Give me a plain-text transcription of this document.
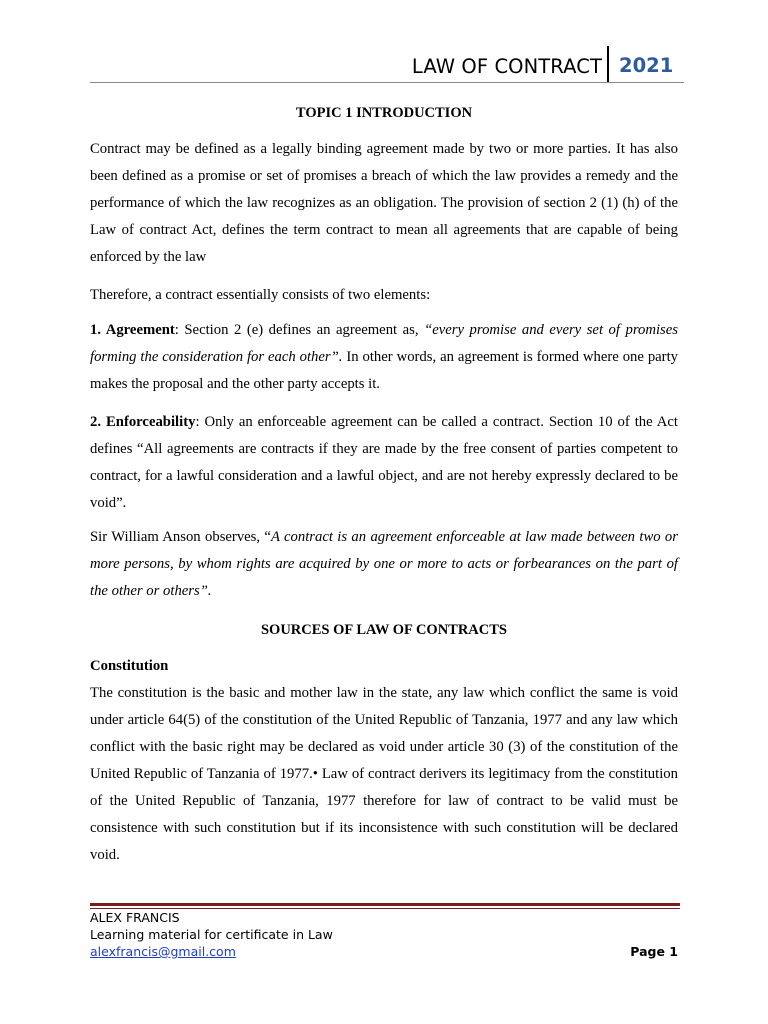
LAW OF CONTRACT 2021
TOPIC 1 INTRODUCTION
Contract may be defined as a legally binding agreement made by two or more parties. It has also been defined as a promise or set of promises a breach of which the law provides a remedy and the performance of which the law recognizes as an obligation. The provision of section 2 (1) (h) of the Law of contract Act, defines the term contract to mean all agreements that are capable of being enforced by the law
Therefore, a contract essentially consists of two elements:
1. Agreement: Section 2 (e) defines an agreement as, “every promise and every set of promises forming the consideration for each other”. In other words, an agreement is formed where one party makes the proposal and the other party accepts it.
2. Enforceability: Only an enforceable agreement can be called a contract. Section 10 of the Act defines “All agreements are contracts if they are made by the free consent of parties competent to contract, for a lawful consideration and a lawful object, and are not hereby expressly declared to be void”.
Sir William Anson observes, “A contract is an agreement enforceable at law made between two or more persons, by whom rights are acquired by one or more to acts or forbearances on the part of the other or others”.
SOURCES OF LAW OF CONTRACTS
Constitution
The constitution is the basic and mother law in the state, any law which conflict the same is void under article 64(5) of the constitution of the United Republic of Tanzania, 1977 and any law which conflict with the basic right may be declared as void under article 30 (3) of the constitution of the United Republic of Tanzania of 1977.• Law of contract derivers its legitimacy from the constitution of the United Republic of Tanzania, 1977 therefore for law of contract to be valid must be consistence with such constitution but if its inconsistence with such constitution will be declared void.
ALEX FRANCIS
Learning material for certificate in Law
alexfrancis@gmail.com	Page 1
